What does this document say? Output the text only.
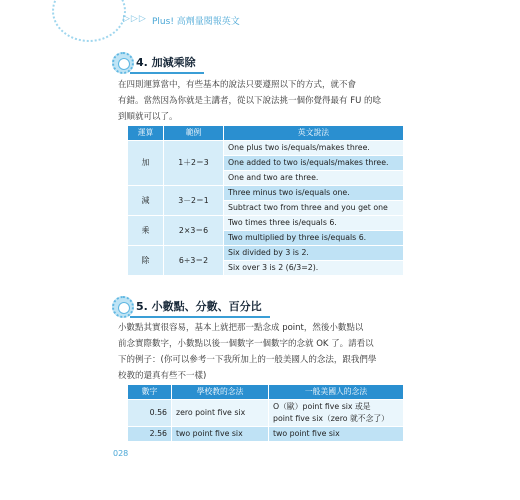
▷▷▷ Plus! 高劑量閱報英文
4. 加減乘除

在四則運算當中，有些基本的說法只要遵照以下的方式，就不會

有錯。當然因為你就是主講者，從以下說法挑一個你覺得最有 FU 的唸

到順就可以了。

運算	範例	英文說法
加	1＋2＝3	One plus two is/equals/makes three.
		One added to two is/equals/makes three.
		One and two are three.
減	3－2＝1	Three minus two is/equals one.
		Subtract two from three and you get one
乘	2×3＝6	Two times three is/equals 6.
		Two multiplied by three is/equals 6.
除	6÷3＝2	Six divided by 3 is 2.
		Six over 3 is 2 (6/3=2).
5. 小數點、分數、百分比

小數點其實很容易，基本上就把那一點念成 point，然後小數點以

前念實際數字，小數點以後一個數字一個數字的念就 OK 了。請看以

下的例子：(你可以參考一下我所加上的一般美國人的念法，跟我們學

校教的還真有些不一樣)

數字	學校教的念法	一般美國人的念法
0.56	zero point five six	O（歐）point five six 或是
point five six（zero 就不念了）

2.56	two point five six	two point five six
028
